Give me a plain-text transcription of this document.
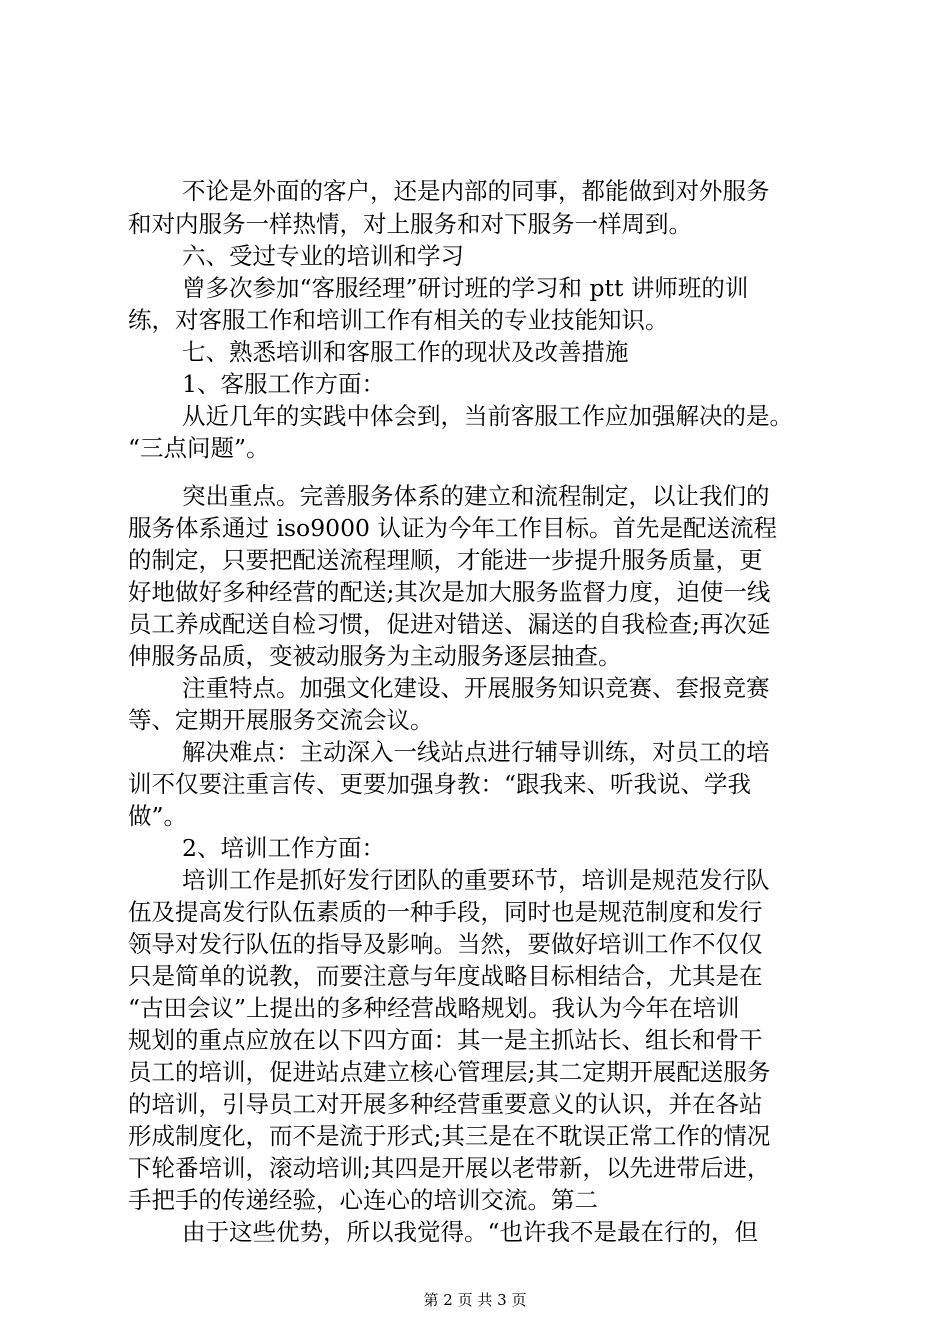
不论是外面的客户，还是内部的同事，都能做到对外服务
和对内服务一样热情，对上服务和对下服务一样周到。
六、受过专业的培训和学习
曾多次参加“客服经理”研讨班的学习和 ptt 讲师班的训
练，对客服工作和培训工作有相关的专业技能知识。
七、熟悉培训和客服工作的现状及改善措施
1、客服工作方面：
从近几年的实践中体会到，当前客服工作应加强解决的是。
“三点问题”。
突出重点。完善服务体系的建立和流程制定，以让我们的
服务体系通过 iso9000 认证为今年工作目标。首先是配送流程
的制定，只要把配送流程理顺，才能进一步提升服务质量，更
好地做好多种经营的配送;其次是加大服务监督力度，迫使一线
员工养成配送自检习惯，促进对错送、漏送的自我检查;再次延
伸服务品质，变被动服务为主动服务逐层抽查。
注重特点。加强文化建设、开展服务知识竞赛、套报竞赛
等、定期开展服务交流会议。
解决难点：主动深入一线站点进行辅导训练，对员工的培
训不仅要注重言传、更要加强身教：“跟我来、听我说、学我
做”。
2、培训工作方面：
培训工作是抓好发行团队的重要环节，培训是规范发行队
伍及提高发行队伍素质的一种手段，同时也是规范制度和发行
领导对发行队伍的指导及影响。当然，要做好培训工作不仅仅
只是简单的说教，而要注意与年度战略目标相结合，尤其是在
“古田会议”上提出的多种经营战略规划。我认为今年在培训
规划的重点应放在以下四方面：其一是主抓站长、组长和骨干
员工的培训，促进站点建立核心管理层;其二定期开展配送服务
的培训，引导员工对开展多种经营重要意义的认识，并在各站
形成制度化，而不是流于形式;其三是在不耽误正常工作的情况
下轮番培训，滚动培训;其四是开展以老带新，以先进带后进，
手把手的传递经验，心连心的培训交流。第二
由于这些优势，所以我觉得。“也许我不是最在行的，但
第 2 页 共 3 页
